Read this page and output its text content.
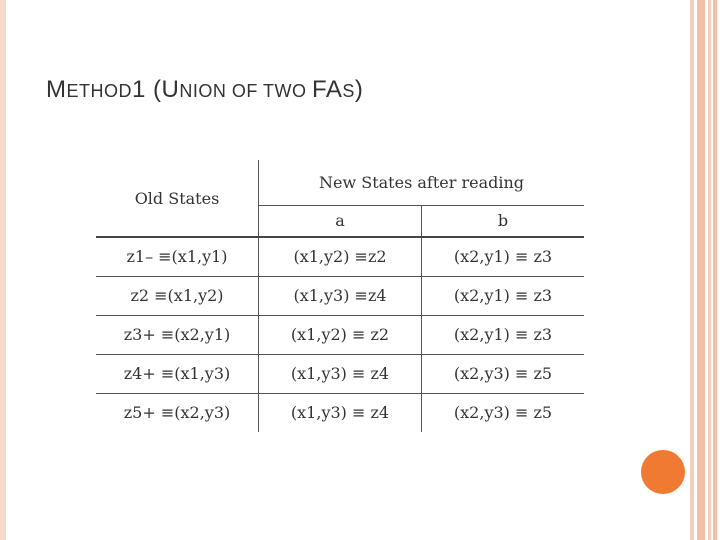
METHOD1 (UNION OF TWO FAS)
Old States	New States after reading	
	a	b
z1– ≡(x1,y1)	(x1,y2) ≡z2	(x2,y1) ≡ z3
z2 ≡(x1,y2)	(x1,y3) ≡z4	(x2,y1) ≡ z3
z3+ ≡(x2,y1)	(x1,y2) ≡ z2	(x2,y1) ≡ z3
z4+ ≡(x1,y3)	(x1,y3) ≡ z4	(x2,y3) ≡ z5
z5+ ≡(x2,y3)	(x1,y3) ≡ z4	(x2,y3) ≡ z5
